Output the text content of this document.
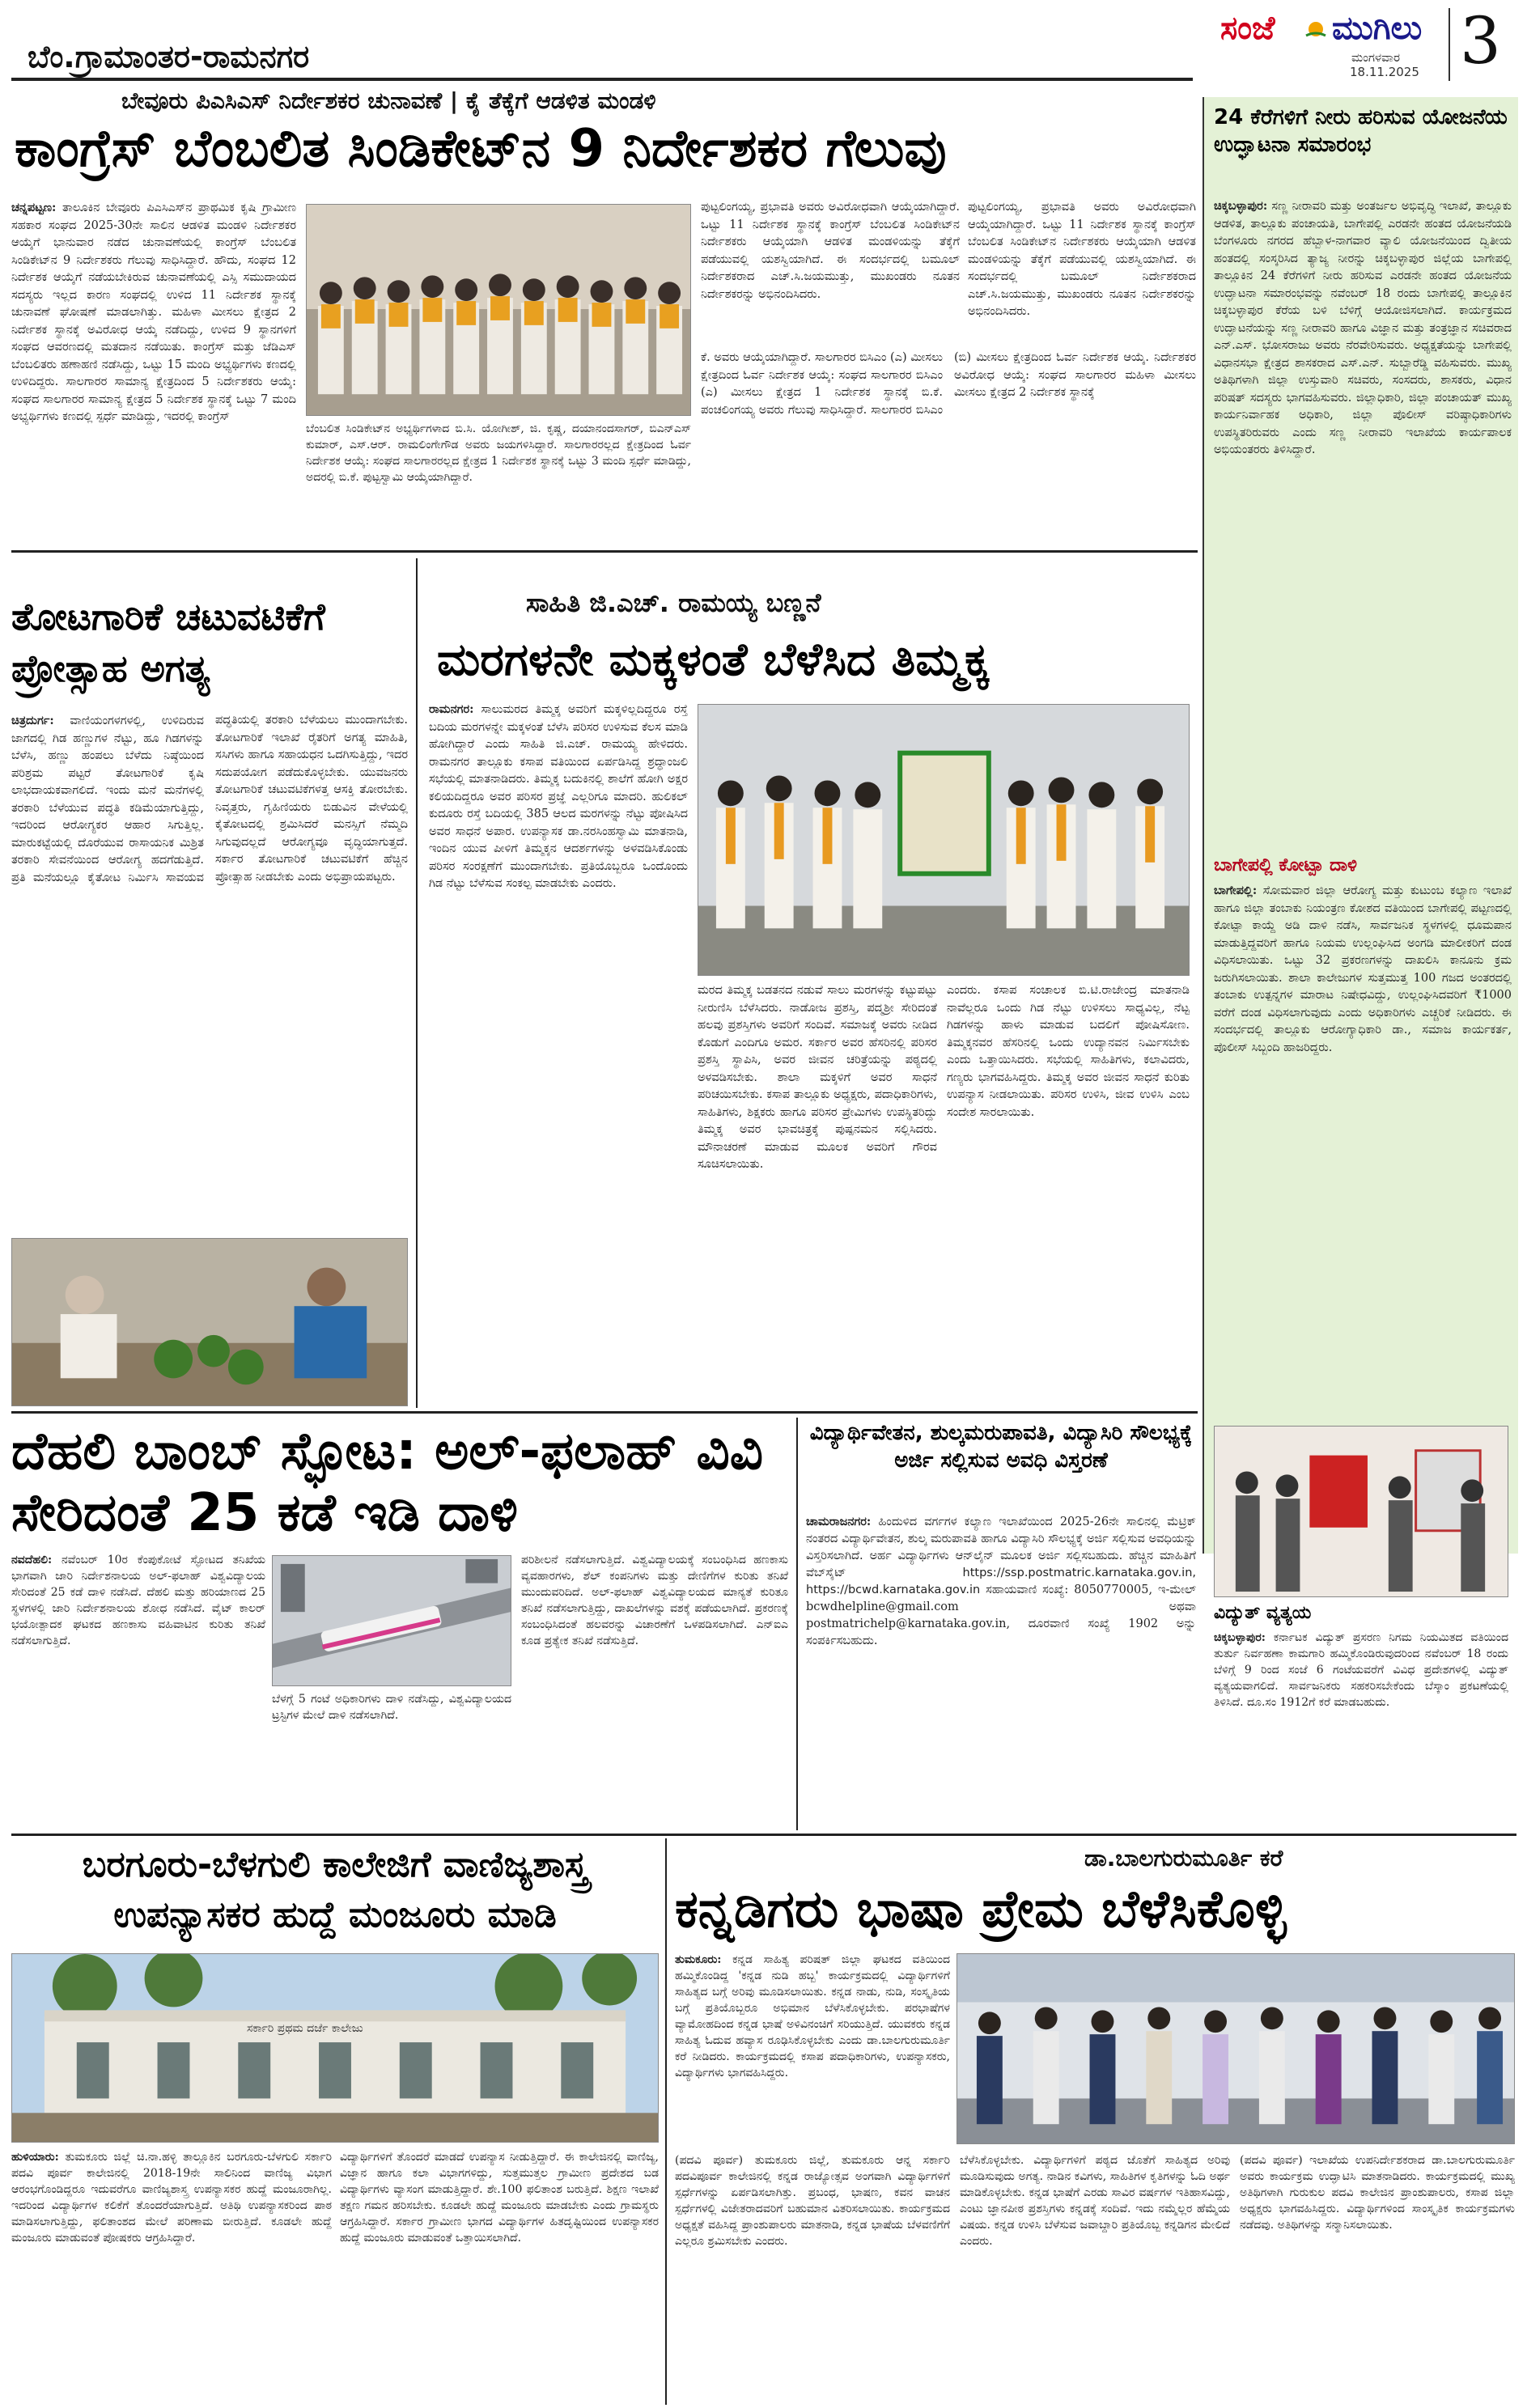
ಬೆಂ.ಗ್ರಾಮಾಂತರ-ರಾಮನಗರ
ಸಂಜೆ ಮುಗಿಲು
ಮಂಗಳವಾರ
18.11.2025 3
ಬೇವೂರು ಪಿಎಸಿಎಸ್ ನಿರ್ದೇಶಕರ ಚುನಾವಣೆ | ಕೈ ತೆಕ್ಕೆಗೆ ಆಡಳಿತ ಮಂಡಳಿ
ಕಾಂಗ್ರೆಸ್ ಬೆಂಬಲಿತ ಸಿಂಡಿಕೇಟ್‌ನ 9 ನಿರ್ದೇಶಕರ ಗೆಲುವು

ಚನ್ನಪಟ್ಟಣ: ತಾಲೂಕಿನ ಬೇವೂರು ಪಿಎಸಿಎಸ್‌ನ ಪ್ರಾಥಮಿಕ ಕೃಷಿ ಗ್ರಾಮೀಣ ಸಹಕಾರ ಸಂಘದ 2025-30ನೇ ಸಾಲಿನ ಆಡಳಿತ ಮಂಡಳಿ ನಿರ್ದೇಶಕರ ಆಯ್ಕೆಗೆ ಭಾನುವಾರ ನಡೆದ ಚುನಾವಣೆಯಲ್ಲಿ ಕಾಂಗ್ರೆಸ್ ಬೆಂಬಲಿತ ಸಿಂಡಿಕೇಟ್‌ನ 9 ನಿರ್ದೇಶಕರು ಗೆಲುವು ಸಾಧಿಸಿದ್ದಾರೆ. ಹೌದು, ಸಂಘದ 12 ನಿರ್ದೇಶಕ ಆಯ್ಕೆಗೆ ನಡೆಯಬೇಕಿರುವ ಚುನಾವಣೆಯಲ್ಲಿ ಎಸ್ಸಿ ಸಮುದಾಯದ ಸದಸ್ಯರು ಇಲ್ಲದ ಕಾರಣ ಸಂಘದಲ್ಲಿ ಉಳಿದ 11 ನಿರ್ದೇಶಕ ಸ್ಥಾನಕ್ಕೆ ಚುನಾವಣೆ ಘೋಷಣೆ ಮಾಡಲಾಗಿತ್ತು. ಮಹಿಳಾ ಮೀಸಲು ಕ್ಷೇತ್ರದ 2 ನಿರ್ದೇಶಕ ಸ್ಥಾನಕ್ಕೆ ಅವಿರೋಧ ಆಯ್ಕೆ ನಡೆದಿದ್ದು, ಉಳಿದ 9 ಸ್ಥಾನಗಳಿಗೆ ಸಂಘದ ಆವರಣದಲ್ಲಿ ಮತದಾನ ನಡೆಯಿತು. ಕಾಂಗ್ರೆಸ್ ಮತ್ತು ಜೆಡಿಎಸ್ ಬೆಂಬಲಿತರು ಹಣಾಹಣಿ ನಡೆಸಿದ್ದು, ಒಟ್ಟು 15 ಮಂದಿ ಅಭ್ಯರ್ಥಿಗಳು ಕಣದಲ್ಲಿ ಉಳಿದಿದ್ದರು. ಸಾಲಗಾರರ ಸಾಮಾನ್ಯ ಕ್ಷೇತ್ರದಿಂದ 5 ನಿರ್ದೇಶಕರು ಆಯ್ಕೆ: ಸಂಘದ ಸಾಲಗಾರರ ಸಾಮಾನ್ಯ ಕ್ಷೇತ್ರದ 5 ನಿರ್ದೇಶಕ ಸ್ಥಾನಕ್ಕೆ ಒಟ್ಟು 7 ಮಂದಿ ಅಭ್ಯರ್ಥಿಗಳು ಕಣದಲ್ಲಿ ಸ್ಪರ್ಧೆ ಮಾಡಿದ್ದು, ಇದರಲ್ಲಿ ಕಾಂಗ್ರೆಸ್

ಬೆಂಬಲಿತ ಸಿಂಡಿಕೇಟ್‌ನ ಅಭ್ಯರ್ಥಿಗಳಾದ ಬಿ.ಸಿ. ಯೋಗೀಶ್, ಜಿ. ಕೃಷ್ಣ, ದಯಾನಂದಸಾಗರ್, ಬಿಎನ್‌ಎಸ್ ಕುಮಾರ್, ಎಸ್.ಆರ್. ರಾಮಲಿಂಗೇಗೌಡ ಅವರು ಜಯಗಳಿಸಿದ್ದಾರೆ. ಸಾಲಗಾರರಲ್ಲದ ಕ್ಷೇತ್ರದಿಂದ ಓರ್ವ ನಿರ್ದೇಶಕ ಆಯ್ಕೆ: ಸಂಘದ ಸಾಲಗಾರರಲ್ಲದ ಕ್ಷೇತ್ರದ 1 ನಿರ್ದೇಶಕ ಸ್ಥಾನಕ್ಕೆ ಒಟ್ಟು 3 ಮಂದಿ ಸ್ಪರ್ಧೆ ಮಾಡಿದ್ದು, ಅದರಲ್ಲಿ ಬಿ.ಕೆ. ಪುಟ್ಟಸ್ವಾಮಿ ಆಯ್ಕೆಯಾಗಿದ್ದಾರೆ.
ಪುಟ್ಟಲಿಂಗಯ್ಯ, ಪ್ರಭಾವತಿ ಅವರು ಅವಿರೋಧವಾಗಿ ಆಯ್ಕೆಯಾಗಿದ್ದಾರೆ. ಒಟ್ಟು 11 ನಿರ್ದೇಶಕ ಸ್ಥಾನಕ್ಕೆ ಕಾಂಗ್ರೆಸ್ ಬೆಂಬಲಿತ ಸಿಂಡಿಕೇಟ್‌ನ ನಿರ್ದೇಶಕರು ಆಯ್ಕೆಯಾಗಿ ಆಡಳಿತ ಮಂಡಳಿಯನ್ನು ತೆಕ್ಕೆಗೆ ಪಡೆಯುವಲ್ಲಿ ಯಶಸ್ವಿಯಾಗಿದೆ. ಈ ಸಂದರ್ಭದಲ್ಲಿ ಬಮೂಲ್ ನಿರ್ದೇಶಕರಾದ ಎಚ್.ಸಿ.ಜಯಮುತ್ತು, ಮುಖಂಡರು ನೂತನ ನಿರ್ದೇಶಕರನ್ನು ಅಭಿನಂದಿಸಿದರು.
ಕೆ. ಅವರು ಆಯ್ಕೆಯಾಗಿದ್ದಾರೆ. ಸಾಲಗಾರರ ಬಿಸಿಎಂ (ಎ) ಮೀಸಲು ಕ್ಷೇತ್ರದಿಂದ ಓರ್ವ ನಿರ್ದೇಶಕ ಆಯ್ಕೆ: ಸಂಘದ ಸಾಲಗಾರರ ಬಿಸಿಎಂ (ಎ) ಮೀಸಲು ಕ್ಷೇತ್ರದ 1 ನಿರ್ದೇಶಕ ಸ್ಥಾನಕ್ಕೆ ಬಿ.ಕೆ. ಪಂಚಲಿಂಗಯ್ಯ ಅವರು ಗೆಲುವು ಸಾಧಿಸಿದ್ದಾರೆ. ಸಾಲಗಾರರ ಬಿಸಿಎಂ (ಬಿ) ಮೀಸಲು ಕ್ಷೇತ್ರದಿಂದ ಓರ್ವ ನಿರ್ದೇಶಕ ಆಯ್ಕೆ. ನಿರ್ದೇಶಕರ ಅವಿರೋಧ ಆಯ್ಕೆ: ಸಂಘದ ಸಾಲಗಾರರ ಮಹಿಳಾ ಮೀಸಲು ಮೀಸಲು ಕ್ಷೇತ್ರದ 2 ನಿರ್ದೇಶಕ ಸ್ಥಾನಕ್ಕೆ
ಪುಟ್ಟಲಿಂಗಯ್ಯ, ಪ್ರಭಾವತಿ ಅವರು ಅವಿರೋಧವಾಗಿ ಆಯ್ಕೆಯಾಗಿದ್ದಾರೆ. ಒಟ್ಟು 11 ನಿರ್ದೇಶಕ ಸ್ಥಾನಕ್ಕೆ ಕಾಂಗ್ರೆಸ್ ಬೆಂಬಲಿತ ಸಿಂಡಿಕೇಟ್‌ನ ನಿರ್ದೇಶಕರು ಆಯ್ಕೆಯಾಗಿ ಆಡಳಿತ ಮಂಡಳಿಯನ್ನು ತೆಕ್ಕೆಗೆ ಪಡೆಯುವಲ್ಲಿ ಯಶಸ್ವಿಯಾಗಿದೆ. ಈ ಸಂದರ್ಭದಲ್ಲಿ ಬಮೂಲ್ ನಿರ್ದೇಶಕರಾದ ಎಚ್.ಸಿ.ಜಯಮುತ್ತು, ಮುಖಂಡರು ನೂತನ ನಿರ್ದೇಶಕರನ್ನು ಅಭಿನಂದಿಸಿದರು.
24 ಕೆರೆಗಳಿಗೆ ನೀರು ಹರಿಸುವ ಯೋಜನೆಯ ಉದ್ಘಾಟನಾ ಸಮಾರಂಭ

ಚಿಕ್ಕಬಳ್ಳಾಪುರ: ಸಣ್ಣ ನೀರಾವರಿ ಮತ್ತು ಅಂತರ್ಜಲ ಅಭಿವೃದ್ಧಿ ಇಲಾಖೆ, ತಾಲ್ಲೂಕು ಆಡಳಿತ, ತಾಲ್ಲೂಕು ಪಂಚಾಯತಿ, ಬಾಗೇಪಲ್ಲಿ ಎರಡನೇ ಹಂತದ ಯೋಜನೆಯಡಿ ಬೆಂಗಳೂರು ನಗರದ ಹೆಬ್ಬಾಳ-ನಾಗವಾರ ವ್ಯಾಲಿ ಯೋಜನೆಯಿಂದ ದ್ವಿತೀಯ ಹಂತದಲ್ಲಿ ಸಂಸ್ಕರಿಸಿದ ತ್ಯಾಜ್ಯ ನೀರನ್ನು ಚಿಕ್ಕಬಳ್ಳಾಪುರ ಜಿಲ್ಲೆಯ ಬಾಗೇಪಲ್ಲಿ ತಾಲ್ಲೂಕಿನ 24 ಕೆರೆಗಳಿಗೆ ನೀರು ಹರಿಸುವ ಎರಡನೇ ಹಂತದ ಯೋಜನೆಯ ಉದ್ಘಾಟನಾ ಸಮಾರಂಭವನ್ನು ನವೆಂಬರ್ 18 ರಂದು ಬಾಗೇಪಲ್ಲಿ ತಾಲ್ಲೂಕಿನ ಚಿಕ್ಕಬಳ್ಳಾಪುರ ಕೆರೆಯ ಬಳಿ ಬೆಳಿಗ್ಗೆ ಆಯೋಜಿಸಲಾಗಿದೆ. ಕಾರ್ಯಕ್ರಮದ ಉದ್ಘಾಟನೆಯನ್ನು ಸಣ್ಣ ನೀರಾವರಿ ಹಾಗೂ ವಿಜ್ಞಾನ ಮತ್ತು ತಂತ್ರಜ್ಞಾನ ಸಚಿವರಾದ ಎನ್.ಎಸ್. ಭೋಸರಾಜು ಅವರು ನೆರವೇರಿಸುವರು. ಅಧ್ಯಕ್ಷತೆಯನ್ನು ಬಾಗೇಪಲ್ಲಿ ವಿಧಾನಸಭಾ ಕ್ಷೇತ್ರದ ಶಾಸಕರಾದ ಎಸ್.ಎನ್. ಸುಬ್ಬಾರೆಡ್ಡಿ ವಹಿಸುವರು. ಮುಖ್ಯ ಅತಿಥಿಗಳಾಗಿ ಜಿಲ್ಲಾ ಉಸ್ತುವಾರಿ ಸಚಿವರು, ಸಂಸದರು, ಶಾಸಕರು, ವಿಧಾನ ಪರಿಷತ್ ಸದಸ್ಯರು ಭಾಗವಹಿಸುವರು. ಜಿಲ್ಲಾಧಿಕಾರಿ, ಜಿಲ್ಲಾ ಪಂಚಾಯತ್ ಮುಖ್ಯ ಕಾರ್ಯನಿರ್ವಾಹಕ ಅಧಿಕಾರಿ, ಜಿಲ್ಲಾ ಪೊಲೀಸ್ ವರಿಷ್ಠಾಧಿಕಾರಿಗಳು ಉಪಸ್ಥಿತರಿರುವರು ಎಂದು ಸಣ್ಣ ನೀರಾವರಿ ಇಲಾಖೆಯ ಕಾರ್ಯಪಾಲಕ ಅಭಿಯಂತರರು ತಿಳಿಸಿದ್ದಾರೆ.

ಬಾಗೇಪಲ್ಲಿ ಕೋಟ್ಪಾ ದಾಳಿ

ಬಾಗೇಪಲ್ಲಿ: ಸೋಮವಾರ ಜಿಲ್ಲಾ ಆರೋಗ್ಯ ಮತ್ತು ಕುಟುಂಬ ಕಲ್ಯಾಣ ಇಲಾಖೆ ಹಾಗೂ ಜಿಲ್ಲಾ ತಂಬಾಕು ನಿಯಂತ್ರಣ ಕೋಶದ ವತಿಯಿಂದ ಬಾಗೇಪಲ್ಲಿ ಪಟ್ಟಣದಲ್ಲಿ ಕೋಟ್ಪಾ ಕಾಯ್ದೆ ಅಡಿ ದಾಳಿ ನಡೆಸಿ, ಸಾರ್ವಜನಿಕ ಸ್ಥಳಗಳಲ್ಲಿ ಧೂಮಪಾನ ಮಾಡುತ್ತಿದ್ದವರಿಗೆ ಹಾಗೂ ನಿಯಮ ಉಲ್ಲಂಘಿಸಿದ ಅಂಗಡಿ ಮಾಲೀಕರಿಗೆ ದಂಡ ವಿಧಿಸಲಾಯಿತು. ಒಟ್ಟು 32 ಪ್ರಕರಣಗಳನ್ನು ದಾಖಲಿಸಿ ಕಾನೂನು ಕ್ರಮ ಜರುಗಿಸಲಾಯಿತು. ಶಾಲಾ ಕಾಲೇಜುಗಳ ಸುತ್ತಮುತ್ತ 100 ಗಜದ ಅಂತರದಲ್ಲಿ ತಂಬಾಕು ಉತ್ಪನ್ನಗಳ ಮಾರಾಟ ನಿಷೇಧವಿದ್ದು, ಉಲ್ಲಂಘಿಸಿದವರಿಗೆ ₹1000 ವರೆಗೆ ದಂಡ ವಿಧಿಸಲಾಗುವುದು ಎಂದು ಅಧಿಕಾರಿಗಳು ಎಚ್ಚರಿಕೆ ನೀಡಿದರು. ಈ ಸಂದರ್ಭದಲ್ಲಿ ತಾಲ್ಲೂಕು ಆರೋಗ್ಯಾಧಿಕಾರಿ ಡಾ., ಸಮಾಜ ಕಾರ್ಯಕರ್ತ, ಪೊಲೀಸ್ ಸಿಬ್ಬಂದಿ ಹಾಜರಿದ್ದರು.

ವಿದ್ಯುತ್ ವ್ಯತ್ಯಯ

ಚಿಕ್ಕಬಳ್ಳಾಪುರ: ಕರ್ನಾಟಕ ವಿದ್ಯುತ್ ಪ್ರಸರಣ ನಿಗಮ ನಿಯಮಿತದ ವತಿಯಿಂದ ತುರ್ತು ನಿರ್ವಹಣಾ ಕಾಮಗಾರಿ ಹಮ್ಮಿಕೊಂಡಿರುವುದರಿಂದ ನವೆಂಬರ್ 18 ರಂದು ಬೆಳಿಗ್ಗೆ 9 ರಿಂದ ಸಂಜೆ 6 ಗಂಟೆಯವರೆಗೆ ವಿವಿಧ ಪ್ರದೇಶಗಳಲ್ಲಿ ವಿದ್ಯುತ್ ವ್ಯತ್ಯಯವಾಗಲಿದೆ. ಸಾರ್ವಜನಿಕರು ಸಹಕರಿಸಬೇಕೆಂದು ಬೆಸ್ಕಾಂ ಪ್ರಕಟಣೆಯಲ್ಲಿ ತಿಳಿಸಿದೆ. ದೂ.ಸಂ 1912ಗೆ ಕರೆ ಮಾಡಬಹುದು.

ತೋಟಗಾರಿಕೆ ಚಟುವಟಿಕೆಗೆ ಪ್ರೋತ್ಸಾಹ ಅಗತ್ಯ

ಚಿತ್ರದುರ್ಗ: ವಾಣಿಯಂಗಳಗಳಲ್ಲಿ, ಉಳಿದಿರುವ ಜಾಗದಲ್ಲಿ ಗಿಡ ಹಣ್ಣುಗಳ ನೆಟ್ಟು, ಹೂ ಗಿಡಗಳನ್ನು ಬೆಳೆಸಿ, ಹಣ್ಣು ಹಂಪಲು ಬೆಳೆದು ನಿಷ್ಠೆಯಿಂದ ಪರಿಶ್ರಮ ಪಟ್ಟರೆ ತೋಟಗಾರಿಕೆ ಕೃಷಿ ಲಾಭದಾಯಕವಾಗಲಿದೆ. ಇಂದು ಮನೆ ಮನೆಗಳಲ್ಲಿ ತರಕಾರಿ ಬೆಳೆಯುವ ಪದ್ಧತಿ ಕಡಿಮೆಯಾಗುತ್ತಿದ್ದು, ಇದರಿಂದ ಆರೋಗ್ಯಕರ ಆಹಾರ ಸಿಗುತ್ತಿಲ್ಲ. ಮಾರುಕಟ್ಟೆಯಲ್ಲಿ ದೊರೆಯುವ ರಾಸಾಯನಿಕ ಮಿಶ್ರಿತ ತರಕಾರಿ ಸೇವನೆಯಿಂದ ಆರೋಗ್ಯ ಹದಗೆಡುತ್ತಿದೆ. ಪ್ರತಿ ಮನೆಯಲ್ಲೂ ಕೈತೋಟ ನಿರ್ಮಿಸಿ ಸಾವಯವ ಪದ್ಧತಿಯಲ್ಲಿ ತರಕಾರಿ ಬೆಳೆಯಲು ಮುಂದಾಗಬೇಕು. ತೋಟಗಾರಿಕೆ ಇಲಾಖೆ ರೈತರಿಗೆ ಅಗತ್ಯ ಮಾಹಿತಿ, ಸಸಿಗಳು ಹಾಗೂ ಸಹಾಯಧನ ಒದಗಿಸುತ್ತಿದ್ದು, ಇದರ ಸದುಪಯೋಗ ಪಡೆದುಕೊಳ್ಳಬೇಕು. ಯುವಜನರು ತೋಟಗಾರಿಕೆ ಚಟುವಟಿಕೆಗಳತ್ತ ಆಸಕ್ತಿ ತೋರಬೇಕು. ನಿವೃತ್ತರು, ಗೃಹಿಣಿಯರು ಬಿಡುವಿನ ವೇಳೆಯಲ್ಲಿ ಕೈತೋಟದಲ್ಲಿ ಶ್ರಮಿಸಿದರೆ ಮನಸ್ಸಿಗೆ ನೆಮ್ಮದಿ ಸಿಗುವುದಲ್ಲದೆ ಆರೋಗ್ಯವೂ ವೃದ್ಧಿಯಾಗುತ್ತದೆ. ಸರ್ಕಾರ ತೋಟಗಾರಿಕೆ ಚಟುವಟಿಕೆಗೆ ಹೆಚ್ಚಿನ ಪ್ರೋತ್ಸಾಹ ನೀಡಬೇಕು ಎಂದು ಅಭಿಪ್ರಾಯಪಟ್ಟರು.

ಸಾಹಿತಿ ಜಿ.ಎಚ್. ರಾಮಯ್ಯ ಬಣ್ಣನೆ
ಮರಗಳನೇ ಮಕ್ಕಳಂತೆ ಬೆಳೆಸಿದ ತಿಮ್ಮಕ್ಕ

ರಾಮನಗರ: ಸಾಲುಮರದ ತಿಮ್ಮಕ್ಕ ಅವರಿಗೆ ಮಕ್ಕಳಿಲ್ಲದಿದ್ದರೂ ರಸ್ತೆ ಬದಿಯ ಮರಗಳನ್ನೇ ಮಕ್ಕಳಂತೆ ಬೆಳೆಸಿ ಪರಿಸರ ಉಳಿಸುವ ಕೆಲಸ ಮಾಡಿ ಹೋಗಿದ್ದಾರೆ ಎಂದು ಸಾಹಿತಿ ಜಿ.ಎಚ್. ರಾಮಯ್ಯ ಹೇಳಿದರು. ರಾಮನಗರ ತಾಲ್ಲೂಕು ಕಸಾಪ ವತಿಯಿಂದ ಏರ್ಪಡಿಸಿದ್ದ ಶ್ರದ್ಧಾಂಜಲಿ ಸಭೆಯಲ್ಲಿ ಮಾತನಾಡಿದರು. ತಿಮ್ಮಕ್ಕ ಬದುಕಿನಲ್ಲಿ ಶಾಲೆಗೆ ಹೋಗಿ ಅಕ್ಷರ ಕಲಿಯದಿದ್ದರೂ ಅವರ ಪರಿಸರ ಪ್ರಜ್ಞೆ ಎಲ್ಲರಿಗೂ ಮಾದರಿ. ಹುಲಿಕಲ್ ಕುದೂರು ರಸ್ತೆ ಬದಿಯಲ್ಲಿ 385 ಆಲದ ಮರಗಳನ್ನು ನೆಟ್ಟು ಪೋಷಿಸಿದ ಅವರ ಸಾಧನೆ ಅಪಾರ. ಉಪನ್ಯಾಸಕ ಡಾ.ನರಸಿಂಹಸ್ವಾಮಿ ಮಾತನಾಡಿ, ಇಂದಿನ ಯುವ ಪೀಳಿಗೆ ತಿಮ್ಮಕ್ಕನ ಆದರ್ಶಗಳನ್ನು ಅಳವಡಿಸಿಕೊಂಡು ಪರಿಸರ ಸಂರಕ್ಷಣೆಗೆ ಮುಂದಾಗಬೇಕು. ಪ್ರತಿಯೊಬ್ಬರೂ ಒಂದೊಂದು ಗಿಡ ನೆಟ್ಟು ಬೆಳೆಸುವ ಸಂಕಲ್ಪ ಮಾಡಬೇಕು ಎಂದರು.

ಮರದ ತಿಮ್ಮಕ್ಕ ಬಡತನದ ನಡುವೆ ಸಾಲು ಮರಗಳನ್ನು ಕಟ್ಟುಪಟ್ಟು ನೀರುಣಿಸಿ ಬೆಳೆಸಿದರು. ನಾಡೋಜ ಪ್ರಶಸ್ತಿ, ಪದ್ಮಶ್ರೀ ಸೇರಿದಂತೆ ಹಲವು ಪ್ರಶಸ್ತಿಗಳು ಅವರಿಗೆ ಸಂದಿವೆ. ಸಮಾಜಕ್ಕೆ ಅವರು ನೀಡಿದ ಕೊಡುಗೆ ಎಂದಿಗೂ ಅಮರ. ಸರ್ಕಾರ ಅವರ ಹೆಸರಿನಲ್ಲಿ ಪರಿಸರ ಪ್ರಶಸ್ತಿ ಸ್ಥಾಪಿಸಿ, ಅವರ ಜೀವನ ಚರಿತ್ರೆಯನ್ನು ಪಠ್ಯದಲ್ಲಿ ಅಳವಡಿಸಬೇಕು. ಶಾಲಾ ಮಕ್ಕಳಿಗೆ ಅವರ ಸಾಧನೆ ಪರಿಚಯಿಸಬೇಕು. ಕಸಾಪ ತಾಲ್ಲೂಕು ಅಧ್ಯಕ್ಷರು, ಪದಾಧಿಕಾರಿಗಳು, ಸಾಹಿತಿಗಳು, ಶಿಕ್ಷಕರು ಹಾಗೂ ಪರಿಸರ ಪ್ರೇಮಿಗಳು ಉಪಸ್ಥಿತರಿದ್ದು ತಿಮ್ಮಕ್ಕ ಅವರ ಭಾವಚಿತ್ರಕ್ಕೆ ಪುಷ್ಪನಮನ ಸಲ್ಲಿಸಿದರು. ಮೌನಾಚರಣೆ ಮಾಡುವ ಮೂಲಕ ಅವರಿಗೆ ಗೌರವ ಸೂಚಿಸಲಾಯಿತು.
ಎಂದರು. ಕಸಾಪ ಸಂಚಾಲಕ ಬಿ.ಟಿ.ರಾಜೇಂದ್ರ ಮಾತನಾಡಿ ನಾವೆಲ್ಲರೂ ಒಂದು ಗಿಡ ನೆಟ್ಟು ಉಳಿಸಲು ಸಾಧ್ಯವಿಲ್ಲ, ನೆಟ್ಟ ಗಿಡಗಳನ್ನು ಹಾಳು ಮಾಡುವ ಬದಲಿಗೆ ಪೋಷಿಸೋಣ. ತಿಮ್ಮಕ್ಕನವರ ಹೆಸರಿನಲ್ಲಿ ಒಂದು ಉದ್ಯಾನವನ ನಿರ್ಮಿಸಬೇಕು ಎಂದು ಒತ್ತಾಯಿಸಿದರು. ಸಭೆಯಲ್ಲಿ ಸಾಹಿತಿಗಳು, ಕಲಾವಿದರು, ಗಣ್ಯರು ಭಾಗವಹಿಸಿದ್ದರು. ತಿಮ್ಮಕ್ಕ ಅವರ ಜೀವನ ಸಾಧನೆ ಕುರಿತು ಉಪನ್ಯಾಸ ನೀಡಲಾಯಿತು. ಪರಿಸರ ಉಳಿಸಿ, ಜೀವ ಉಳಿಸಿ ಎಂಬ ಸಂದೇಶ ಸಾರಲಾಯಿತು.
ದೆಹಲಿ ಬಾಂಬ್ ಸ್ಫೋಟ: ಅಲ್-ಫಲಾಹ್ ವಿವಿ ಸೇರಿದಂತೆ 25 ಕಡೆ ಇಡಿ ದಾಳಿ

ನವದೆಹಲಿ: ನವೆಂಬರ್ 10ರ ಕೆಂಪುಕೋಟೆ ಸ್ಫೋಟದ ತನಿಖೆಯ ಭಾಗವಾಗಿ ಜಾರಿ ನಿರ್ದೇಶನಾಲಯ ಅಲ್-ಫಲಾಹ್ ವಿಶ್ವವಿದ್ಯಾಲಯ ಸೇರಿದಂತೆ 25 ಕಡೆ ದಾಳಿ ನಡೆಸಿದೆ. ದೆಹಲಿ ಮತ್ತು ಹರಿಯಾಣದ 25 ಸ್ಥಳಗಳಲ್ಲಿ ಜಾರಿ ನಿರ್ದೇಶನಾಲಯ ಶೋಧ ನಡೆಸಿದೆ. ವೈಟ್ ಕಾಲರ್ ಭಯೋತ್ಪಾದಕ ಘಟಕದ ಹಣಕಾಸು ವಹಿವಾಟಿನ ಕುರಿತು ತನಿಖೆ ನಡೆಸಲಾಗುತ್ತಿದೆ.

ಬೆಳಗ್ಗೆ 5 ಗಂಟೆ ಅಧಿಕಾರಿಗಳು ದಾಳಿ ನಡೆಸಿದ್ದು, ವಿಶ್ವವಿದ್ಯಾಲಯದ ಟ್ರಸ್ಟಿಗಳ ಮೇಲೆ ದಾಳಿ ನಡೆಸಲಾಗಿದೆ.
ಪರಿಶೀಲನೆ ನಡೆಸಲಾಗುತ್ತಿದೆ. ವಿಶ್ವವಿದ್ಯಾಲಯಕ್ಕೆ ಸಂಬಂಧಿಸಿದ ಹಣಕಾಸು ವ್ಯವಹಾರಗಳು, ಶೆಲ್ ಕಂಪನಿಗಳು ಮತ್ತು ದೇಣಿಗೆಗಳ ಕುರಿತು ತನಿಖೆ ಮುಂದುವರಿದಿದೆ. ಅಲ್-ಫಲಾಹ್ ವಿಶ್ವವಿದ್ಯಾಲಯದ ಮಾನ್ಯತೆ ಕುರಿತೂ ತನಿಖೆ ನಡೆಸಲಾಗುತ್ತಿದ್ದು, ದಾಖಲೆಗಳನ್ನು ವಶಕ್ಕೆ ಪಡೆಯಲಾಗಿದೆ. ಪ್ರಕರಣಕ್ಕೆ ಸಂಬಂಧಿಸಿದಂತೆ ಹಲವರನ್ನು ವಿಚಾರಣೆಗೆ ಒಳಪಡಿಸಲಾಗಿದೆ. ಎನ್‌ಐಎ ಕೂಡ ಪ್ರತ್ಯೇಕ ತನಿಖೆ ನಡೆಸುತ್ತಿದೆ.
ವಿದ್ಯಾರ್ಥಿವೇತನ, ಶುಲ್ಕಮರುಪಾವತಿ, ವಿದ್ಯಾಸಿರಿ ಸೌಲಭ್ಯಕ್ಕೆ ಅರ್ಜಿ ಸಲ್ಲಿಸುವ ಅವಧಿ ವಿಸ್ತರಣೆ

ಚಾಮರಾಜನಗರ: ಹಿಂದುಳಿದ ವರ್ಗಗಳ ಕಲ್ಯಾಣ ಇಲಾಖೆಯಿಂದ 2025-26ನೇ ಸಾಲಿನಲ್ಲಿ ಮೆಟ್ರಿಕ್ ನಂತರದ ವಿದ್ಯಾರ್ಥಿವೇತನ, ಶುಲ್ಕ ಮರುಪಾವತಿ ಹಾಗೂ ವಿದ್ಯಾಸಿರಿ ಸೌಲಭ್ಯಕ್ಕೆ ಅರ್ಜಿ ಸಲ್ಲಿಸುವ ಅವಧಿಯನ್ನು ವಿಸ್ತರಿಸಲಾಗಿದೆ. ಅರ್ಹ ವಿದ್ಯಾರ್ಥಿಗಳು ಆನ್‌ಲೈನ್ ಮೂಲಕ ಅರ್ಜಿ ಸಲ್ಲಿಸಬಹುದು. ಹೆಚ್ಚಿನ ಮಾಹಿತಿಗೆ ವೆಬ್‌ಸೈಟ್	https://ssp.postmatric.karnataka.gov.in, https://bcwd.karnataka.gov.in ಸಹಾಯವಾಣಿ ಸಂಖ್ಯೆ: 8050770005, ಇ-ಮೇಲ್ bcwdhelpline@gmail.com ಅಥವಾ postmatrichelp@karnataka.gov.in, ದೂರವಾಣಿ ಸಂಖ್ಯೆ 1902 ಅನ್ನು ಸಂಪರ್ಕಿಸಬಹುದು.

ಬರಗೂರು-ಬೆಳಗುಲಿ ಕಾಲೇಜಿಗೆ ವಾಣಿಜ್ಯಶಾಸ್ತ್ರ ಉಪನ್ಯಾಸಕರ ಹುದ್ದೆ ಮಂಜೂರು ಮಾಡಿ
ಸರ್ಕಾರಿ ಪ್ರಥಮ ದರ್ಜೆ ಕಾಲೇಜು

ಹುಳಿಯಾರು: ತುಮಕೂರು ಜಿಲ್ಲೆ ಚಿ.ನಾ.ಹಳ್ಳಿ ತಾಲ್ಲೂಕಿನ ಬರಗೂರು-ಬೆಳಗುಲಿ ಸರ್ಕಾರಿ ಪದವಿ ಪೂರ್ವ ಕಾಲೇಜಿನಲ್ಲಿ 2018-19ನೇ ಸಾಲಿನಿಂದ ವಾಣಿಜ್ಯ ವಿಭಾಗ ಆರಂಭಗೊಂಡಿದ್ದರೂ ಇದುವರೆಗೂ ವಾಣಿಜ್ಯಶಾಸ್ತ್ರ ಉಪನ್ಯಾಸಕರ ಹುದ್ದೆ ಮಂಜೂರಾಗಿಲ್ಲ. ಇದರಿಂದ ವಿದ್ಯಾರ್ಥಿಗಳ ಕಲಿಕೆಗೆ ತೊಂದರೆಯಾಗುತ್ತಿದೆ. ಅತಿಥಿ ಉಪನ್ಯಾಸಕರಿಂದ ಪಾಠ ಮಾಡಿಸಲಾಗುತ್ತಿದ್ದು, ಫಲಿತಾಂಶದ ಮೇಲೆ ಪರಿಣಾಮ ಬೀರುತ್ತಿದೆ. ಕೂಡಲೇ ಹುದ್ದೆ ಮಂಜೂರು ಮಾಡುವಂತೆ ಪೋಷಕರು ಆಗ್ರಹಿಸಿದ್ದಾರೆ.

ವಿದ್ಯಾರ್ಥಿಗಳಿಗೆ ತೊಂದರೆ ಮಾಡದೆ ಉಪನ್ಯಾಸ ನೀಡುತ್ತಿದ್ದಾರೆ. ಈ ಕಾಲೇಜಿನಲ್ಲಿ ವಾಣಿಜ್ಯ, ವಿಜ್ಞಾನ ಹಾಗೂ ಕಲಾ ವಿಭಾಗಗಳಿದ್ದು, ಸುತ್ತಮುತ್ತಲ ಗ್ರಾಮೀಣ ಪ್ರದೇಶದ ಬಡ ವಿದ್ಯಾರ್ಥಿಗಳು ವ್ಯಾಸಂಗ ಮಾಡುತ್ತಿದ್ದಾರೆ. ಶೇ.100 ಫಲಿತಾಂಶ ಬರುತ್ತಿದೆ. ಶಿಕ್ಷಣ ಇಲಾಖೆ ತಕ್ಷಣ ಗಮನ ಹರಿಸಬೇಕು. ಕೂಡಲೇ ಹುದ್ದೆ ಮಂಜೂರು ಮಾಡಬೇಕು ಎಂದು ಗ್ರಾಮಸ್ಥರು ಆಗ್ರಹಿಸಿದ್ದಾರೆ. ಸರ್ಕಾರ ಗ್ರಾಮೀಣ ಭಾಗದ ವಿದ್ಯಾರ್ಥಿಗಳ ಹಿತದೃಷ್ಟಿಯಿಂದ ಉಪನ್ಯಾಸಕರ ಹುದ್ದೆ ಮಂಜೂರು ಮಾಡುವಂತೆ ಒತ್ತಾಯಿಸಲಾಗಿದೆ.
ಡಾ.ಬಾಲಗುರುಮೂರ್ತಿ ಕರೆ
ಕನ್ನಡಿಗರು ಭಾಷಾ ಪ್ರೇಮ ಬೆಳೆಸಿಕೊಳ್ಳಿ

ತುಮಕೂರು: ಕನ್ನಡ ಸಾಹಿತ್ಯ ಪರಿಷತ್ ಜಿಲ್ಲಾ ಘಟಕದ ವತಿಯಿಂದ ಹಮ್ಮಿಕೊಂಡಿದ್ದ 'ಕನ್ನಡ ನುಡಿ ಹಬ್ಬ' ಕಾರ್ಯಕ್ರಮದಲ್ಲಿ ವಿದ್ಯಾರ್ಥಿಗಳಿಗೆ ಸಾಹಿತ್ಯದ ಬಗ್ಗೆ ಅರಿವು ಮೂಡಿಸಲಾಯಿತು. ಕನ್ನಡ ನಾಡು, ನುಡಿ, ಸಂಸ್ಕೃತಿಯ ಬಗ್ಗೆ ಪ್ರತಿಯೊಬ್ಬರೂ ಅಭಿಮಾನ ಬೆಳೆಸಿಕೊಳ್ಳಬೇಕು. ಪರಭಾಷೆಗಳ ವ್ಯಾಮೋಹದಿಂದ ಕನ್ನಡ ಭಾಷೆ ಅಳಿವಿನಂಚಿಗೆ ಸರಿಯುತ್ತಿದೆ. ಯುವಕರು ಕನ್ನಡ ಸಾಹಿತ್ಯ ಓದುವ ಹವ್ಯಾಸ ರೂಢಿಸಿಕೊಳ್ಳಬೇಕು ಎಂದು ಡಾ.ಬಾಲಗುರುಮೂರ್ತಿ ಕರೆ ನೀಡಿದರು. ಕಾರ್ಯಕ್ರಮದಲ್ಲಿ ಕಸಾಪ ಪದಾಧಿಕಾರಿಗಳು, ಉಪನ್ಯಾಸಕರು, ವಿದ್ಯಾರ್ಥಿಗಳು ಭಾಗವಹಿಸಿದ್ದರು.

(ಪದವಿ ಪೂರ್ವ) ತುಮಕೂರು ಜಿಲ್ಲೆ, ತುಮಕೂರು ಆನ್ನ ಸರ್ಕಾರಿ ಪದವಿಪೂರ್ವ ಕಾಲೇಜಿನಲ್ಲಿ ಕನ್ನಡ ರಾಜ್ಯೋತ್ಸವ ಅಂಗವಾಗಿ ವಿದ್ಯಾರ್ಥಿಗಳಿಗೆ ಸ್ಪರ್ಧೆಗಳನ್ನು ಏರ್ಪಡಿಸಲಾಗಿತ್ತು. ಪ್ರಬಂಧ, ಭಾಷಣ, ಕವನ ವಾಚನ ಸ್ಪರ್ಧೆಗಳಲ್ಲಿ ವಿಜೇತರಾದವರಿಗೆ ಬಹುಮಾನ ವಿತರಿಸಲಾಯಿತು. ಕಾರ್ಯಕ್ರಮದ ಅಧ್ಯಕ್ಷತೆ ವಹಿಸಿದ್ದ ಪ್ರಾಂಶುಪಾಲರು ಮಾತನಾಡಿ, ಕನ್ನಡ ಭಾಷೆಯ ಬೆಳವಣಿಗೆಗೆ ಎಲ್ಲರೂ ಶ್ರಮಿಸಬೇಕು ಎಂದರು.
ಬೆಳೆಸಿಕೊಳ್ಳಬೇಕು. ವಿದ್ಯಾರ್ಥಿಗಳಿಗೆ ಪಠ್ಯದ ಜೊತೆಗೆ ಸಾಹಿತ್ಯದ ಅರಿವು ಮೂಡಿಸುವುದು ಅಗತ್ಯ. ನಾಡಿನ ಕವಿಗಳು, ಸಾಹಿತಿಗಳ ಕೃತಿಗಳನ್ನು ಓದಿ ಅರ್ಥ ಮಾಡಿಕೊಳ್ಳಬೇಕು. ಕನ್ನಡ ಭಾಷೆಗೆ ಎರಡು ಸಾವಿರ ವರ್ಷಗಳ ಇತಿಹಾಸವಿದ್ದು, ಎಂಟು ಜ್ಞಾನಪೀಠ ಪ್ರಶಸ್ತಿಗಳು ಕನ್ನಡಕ್ಕೆ ಸಂದಿವೆ. ಇದು ನಮ್ಮೆಲ್ಲರ ಹೆಮ್ಮೆಯ ವಿಷಯ. ಕನ್ನಡ ಉಳಿಸಿ ಬೆಳೆಸುವ ಜವಾಬ್ದಾರಿ ಪ್ರತಿಯೊಬ್ಬ ಕನ್ನಡಿಗನ ಮೇಲಿದೆ ಎಂದರು.
(ಪದವಿ ಪೂರ್ವ) ಇಲಾಖೆಯ ಉಪನಿರ್ದೇಶಕರಾದ ಡಾ.ಬಾಲಗುರುಮೂರ್ತಿ ಅವರು ಕಾರ್ಯಕ್ರಮ ಉದ್ಘಾಟಿಸಿ ಮಾತನಾಡಿದರು. ಕಾರ್ಯಕ್ರಮದಲ್ಲಿ ಮುಖ್ಯ ಅತಿಥಿಗಳಾಗಿ ಗುರುಕುಲ ಪದವಿ ಕಾಲೇಜಿನ ಪ್ರಾಂಶುಪಾಲರು, ಕಸಾಪ ಜಿಲ್ಲಾ ಅಧ್ಯಕ್ಷರು ಭಾಗವಹಿಸಿದ್ದರು. ವಿದ್ಯಾರ್ಥಿಗಳಿಂದ ಸಾಂಸ್ಕೃತಿಕ ಕಾರ್ಯಕ್ರಮಗಳು ನಡೆದವು. ಅತಿಥಿಗಳನ್ನು ಸನ್ಮಾನಿಸಲಾಯಿತು.
